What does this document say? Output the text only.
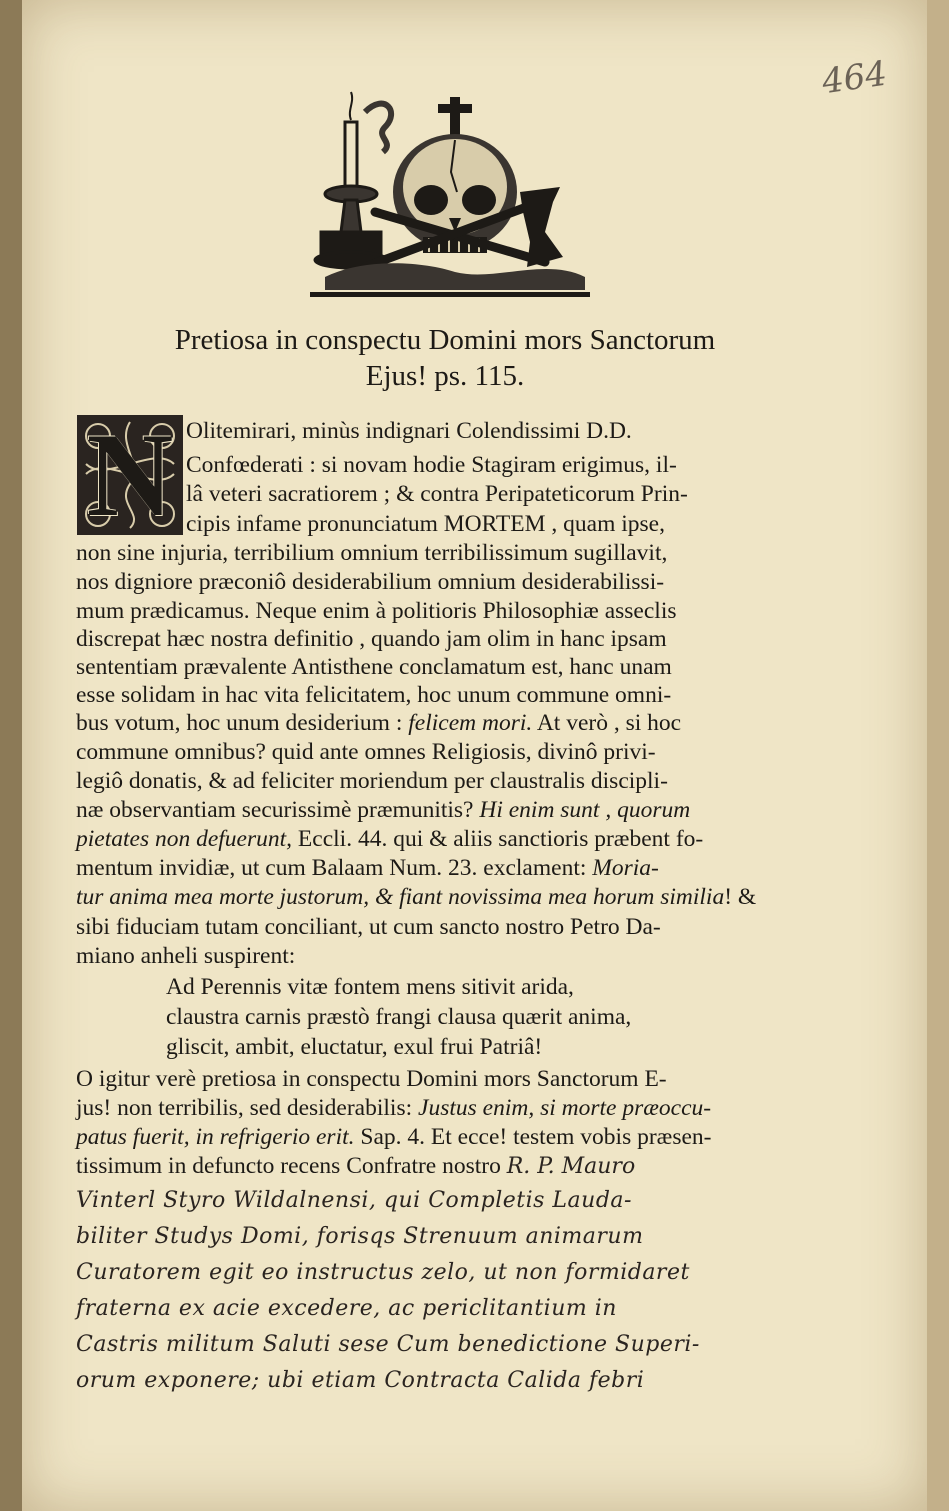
464
Pretiosa in conspectu Domini mors Sanctorum
Ejus! ps. 115.
N Olitemirari, minùs indignari Colendissimi D.D.
Confœderati : si novam hodie Stagiram erigimus, il-
lâ veteri sacratiorem ; & contra Peripateticorum Prin-
cipis infame pronunciatum MORTEM , quam ipse,
non sine injuria, terribilium omnium terribilissimum sugillavit,
nos digniore præconiô desiderabilium omnium desiderabilissi-
mum prædicamus. Neque enim à politioris Philosophiæ asseclis
discrepat hæc nostra definitio , quando jam olim in hanc ipsam
sententiam prævalente Antisthene conclamatum est, hanc unam
esse solidam in hac vita felicitatem, hoc unum commune omni-
bus votum, hoc unum desiderium : felicem mori. At verò , si hoc
commune omnibus? quid ante omnes Religiosis, divinô privi-
legiô donatis, & ad feliciter moriendum per claustralis discipli-
næ observantiam securissimè præmunitis? Hi enim sunt , quorum
pietates non defuerunt, Eccli. 44. qui & aliis sanctioris præbent fo-
mentum invidiæ, ut cum Balaam Num. 23. exclament: Moria-
tur anima mea morte justorum, & fiant novissima mea horum similia! &
sibi fiduciam tutam conciliant, ut cum sancto nostro Petro Da-
miano anheli suspirent:
Ad Perennis vitæ fontem mens sitivit arida,
claustra carnis præstò frangi clausa quærit anima,
gliscit, ambit, eluctatur, exul frui Patriâ!
O igitur verè pretiosa in conspectu Domini mors Sanctorum E-
jus! non terribilis, sed desiderabilis: Justus enim, si morte præoccu-
patus fuerit, in refrigerio erit. Sap. 4. Et ecce! testem vobis præsen-
tissimum in defuncto recens Confratre nostro R. P. Mauro
Vinterl Styro Wildalnensi, qui Completis Lauda-
biliter Studys Domi, forisqs Strenuum animarum
Curatorem egit eo instructus zelo, ut non formidaret
fraterna ex acie excedere, ac periclitantium in
Castris militum Saluti sese Cum benedictione Superi-
orum exponere; ubi etiam Contracta Calida febri
